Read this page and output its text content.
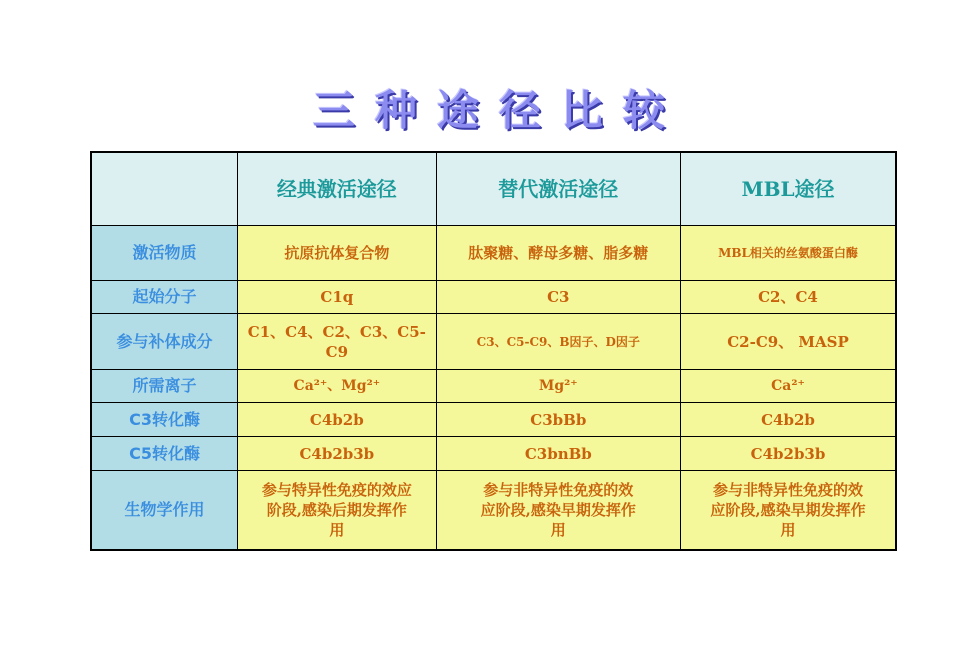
三种途径比较
	经典激活途径	替代激活途径	MBL途径
激活物质	抗原抗体复合物	肽聚糖、酵母多糖、脂多糖	MBL相关的丝氨酸蛋白酶
起始分子	C1q	C3	C2、C4
参与补体成分	C1、C4、C2、C3、C5-C9	C3、C5-C9、B因子、D因子	C2-C9、 MASP
所需离子	Ca²⁺、Mg²⁺	Mg²⁺	Ca²⁺
C3转化酶	C4b2b	C3bBb	C4b2b
C5转化酶	C4b2b3b	C3bnBb	C4b2b3b
生物学作用	参与特异性免疫的效应阶段,感染后期发挥作用	参与非特异性免疫的效应阶段,感染早期发挥作用	参与非特异性免疫的效应阶段,感染早期发挥作用
